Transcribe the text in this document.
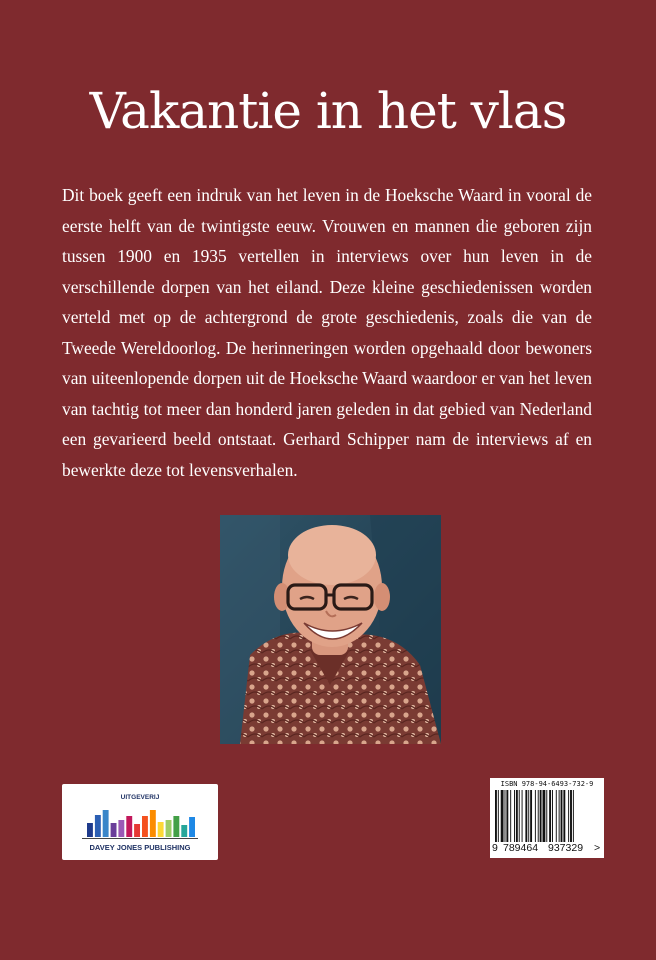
Vakantie in het vlas

Dit boek geeft een indruk van het leven in de Hoeksche Waard in vooral de eerste helft van de twintigste eeuw. Vrouwen en mannen die geboren zijn tussen 1900 en 1935 vertellen in interviews over hun leven in de verschillende dorpen van het eiland. Deze kleine geschiedenissen worden verteld met op de achtergrond de grote geschiedenis, zoals die van de Tweede Wereldoorlog. De herinneringen worden opgehaald door bewoners van uiteenlopende dorpen uit de Hoeksche Waard waardoor er van het leven van tachtig tot meer dan honderd jaren geleden in dat gebied van Nederland een gevarieerd beeld ontstaat. Gerhard Schipper nam de interviews af en bewerkte deze tot levensverhalen.

UITGEVERIJ
DAVEY JONES PUBLISHING
ISBN 978-94-6493-732-9
9 789464 937329 >
